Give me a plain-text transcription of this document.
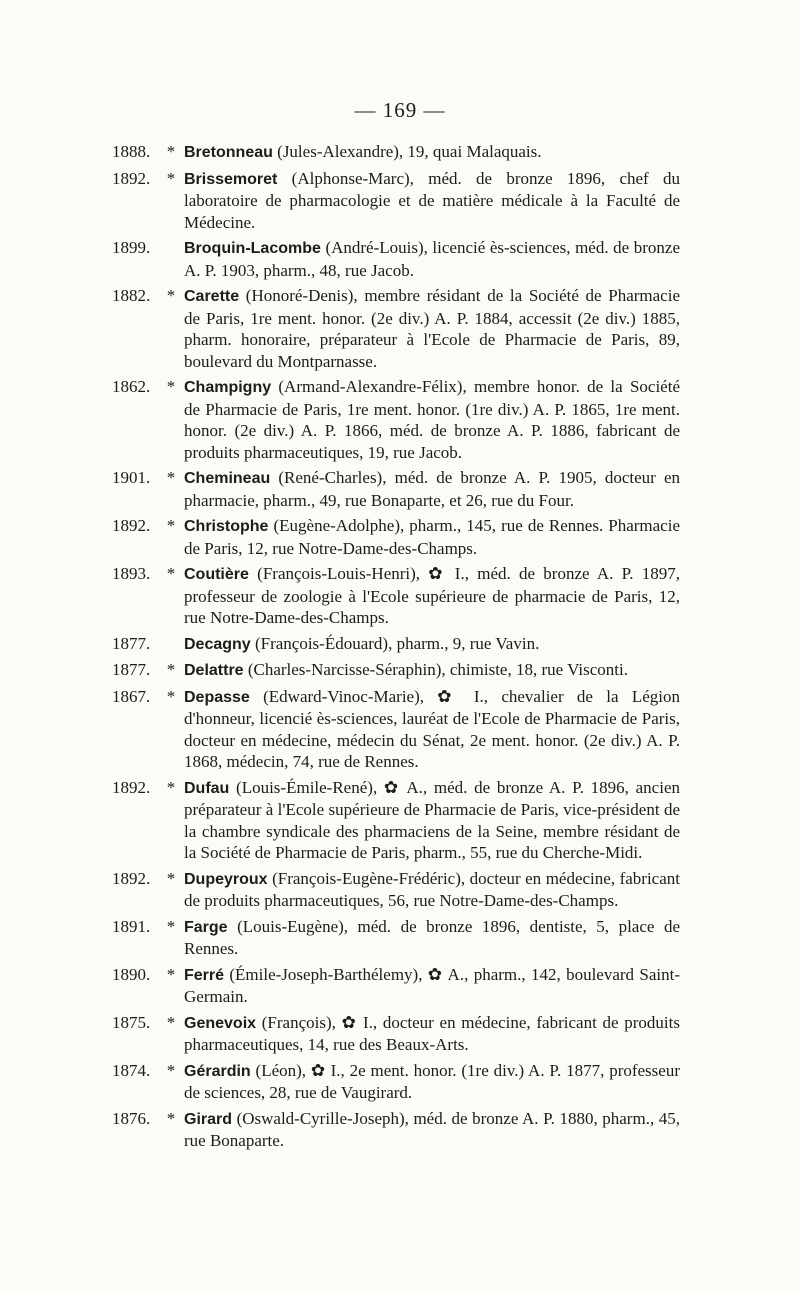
— 169 —
1888. * Bretonneau (Jules-Alexandre), 19, quai Malaquais.
1892. * Brissemoret (Alphonse-Marc), méd. de bronze 1896, chef du laboratoire de pharmacologie et de matière médicale à la Faculté de Médecine.
1899.	Broquin-Lacombe (André-Louis), licencié ès-sciences, méd. de bronze A. P. 1903, pharm., 48, rue Jacob.
1882. * Carette (Honoré-Denis), membre résidant de la Société de Pharmacie de Paris, 1re ment. honor. (2e div.) A. P. 1884, accessit (2e div.) 1885, pharm. honoraire, préparateur à l'Ecole de Pharmacie de Paris, 89, boulevard du Montparnasse.
1862. * Champigny (Armand-Alexandre-Félix), membre honor. de la Société de Pharmacie de Paris, 1re ment. honor. (1re div.) A. P. 1865, 1re ment. honor. (2e div.) A. P. 1866, méd. de bronze A. P. 1886, fabricant de produits pharmaceutiques, 19, rue Jacob.
1901. * Chemineau (René-Charles), méd. de bronze A. P. 1905, docteur en pharmacie, pharm., 49, rue Bonaparte, et 26, rue du Four.
1892. * Christophe (Eugène-Adolphe), pharm., 145, rue de Rennes. Pharmacie de Paris, 12, rue Notre-Dame-des-Champs.
1893. * Coutière (François-Louis-Henri), ✿ I., méd. de bronze A. P. 1897, professeur de zoologie à l'Ecole supérieure de pharmacie de Paris, 12, rue Notre-Dame-des-Champs.
1877.	Decagny (François-Édouard), pharm., 9, rue Vavin.
1877. * Delattre (Charles-Narcisse-Séraphin), chimiste, 18, rue Visconti.
1867. * Depasse (Edward-Vinoc-Marie), ✿ I., chevalier de la Légion d'honneur, licencié ès-sciences, lauréat de l'Ecole de Pharmacie de Paris, docteur en médecine, médecin du Sénat, 2e ment. honor. (2e div.) A. P. 1868, médecin, 74, rue de Rennes.
1892. * Dufau (Louis-Émile-René), ✿ A., méd. de bronze A. P. 1896, ancien préparateur à l'Ecole supérieure de Pharmacie de Paris, vice-président de la chambre syndicale des pharmaciens de la Seine, membre résidant de la Société de Pharmacie de Paris, pharm., 55, rue du Cherche-Midi.
1892. * Dupeyroux (François-Eugène-Frédéric), docteur en médecine, fabricant de produits pharmaceutiques, 56, rue Notre-Dame-des-Champs.
1891. * Farge (Louis-Eugène), méd. de bronze 1896, dentiste, 5, place de Rennes.
1890. * Ferré (Émile-Joseph-Barthélemy), ✿ A., pharm., 142, boulevard Saint-Germain.
1875. * Genevoix (François), ✿ I., docteur en médecine, fabricant de produits pharmaceutiques, 14, rue des Beaux-Arts.
1874. * Gérardin (Léon), ✿ I., 2e ment. honor. (1re div.) A. P. 1877, professeur de sciences, 28, rue de Vaugirard.
1876. * Girard (Oswald-Cyrille-Joseph), méd. de bronze A. P. 1880, pharm., 45, rue Bonaparte.
